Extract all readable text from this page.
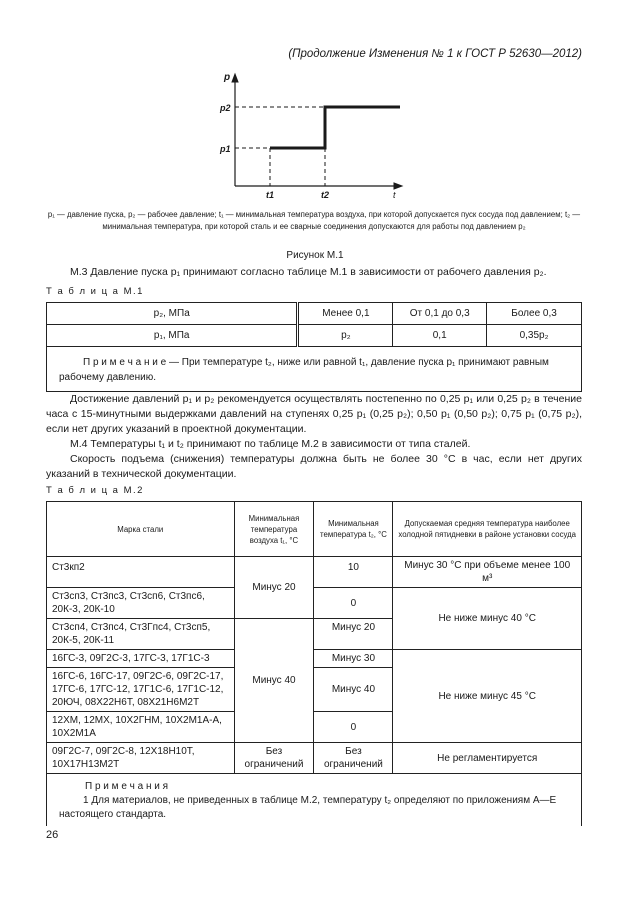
(Продолжение Изменения № 1 к ГОСТ Р 52630—2012)
p
p2
p1
t1	t2	t
p₁ — давление пуска, p₂ — рабочее давление; t₁ — минимальная температура воздуха, при которой допускается пуск сосуда под давлением; t₂ — минимальная температура, при которой сталь и ее сварные соединения допускаются для работы под давлением p₂
Рисунок М.1
М.3 Давление пуска p₁ принимают согласно таблице М.1 в зависимости от рабочего давления p₂.
Т а б л и ц а М.1
p₂, МПа	Менее 0,1	От 0,1 до 0,3	Более 0,3
p₁, МПа	p₂	0,1	0,35p₂

П р и м е ч а н и е — При температуре t₂, ниже или равной t₁, давление пуска p₁ принимают равным рабочему давлению.			
Достижение давлений p₁ и p₂ рекомендуется осуществлять постепенно по 0,25 p₁ или 0,25 p₂ в течение часа с 15-минутными выдержками давлений на ступенях 0,25 p₁ (0,25 p₂); 0,50 p₁ (0,50 p₂); 0,75 p₁ (0,75 p₂), если нет других указаний в проектной документации.
М.4 Температуры t₁ и t₂ принимают по таблице М.2 в зависимости от типа сталей.
Скорость подъема (снижения) температуры должна быть не более 30 °С в час, если нет других указаний в технической документации.
Т а б л и ц а М.2
Марка стали	Минимальная температура воздуха t₁, °С	Минимальная температура t₂, °С	Допускаемая средняя температура наиболее холодной пятидневки в районе установки сосуда
Ст3кп2	Минус 20	10	Минус 30 °С при объеме менее 100 м³
Ст3сп3, Ст3пс3, Ст3сп6, Ст3пс6, 20К-3, 20К-10		0	Не ниже минус 40 °С
Ст3сп4, Ст3пс4, Ст3Гпс4, Ст3сп5, 20К-5, 20К-11	Минус 40	Минус 20	
16ГС-3, 09Г2С-3, 17ГС-3, 17Г1С-3		Минус 30	Не ниже минус 45 °С
16ГС-6, 16ГС-17, 09Г2С-6, 09Г2С-17, 17ГС-6, 17ГС-12, 17Г1С-6, 17Г1С-12, 20ЮЧ, 08Х22Н6Т, 08Х21Н6М2Т		Минус 40	
12ХМ, 12МХ, 10Х2ГНМ, 10Х2М1А-А, 10Х2М1А		0	
09Г2С-7, 09Г2С-8, 12Х18Н10Т, 10Х17Н13М2Т	Без ограничений	Без ограничений	Не регламентируется

П р и м е ч а н и я
1 Для материалов, не приведенных в таблице М.2, температуру t₂ определяют по приложениям А—Е настоящего стандарта.			
26
